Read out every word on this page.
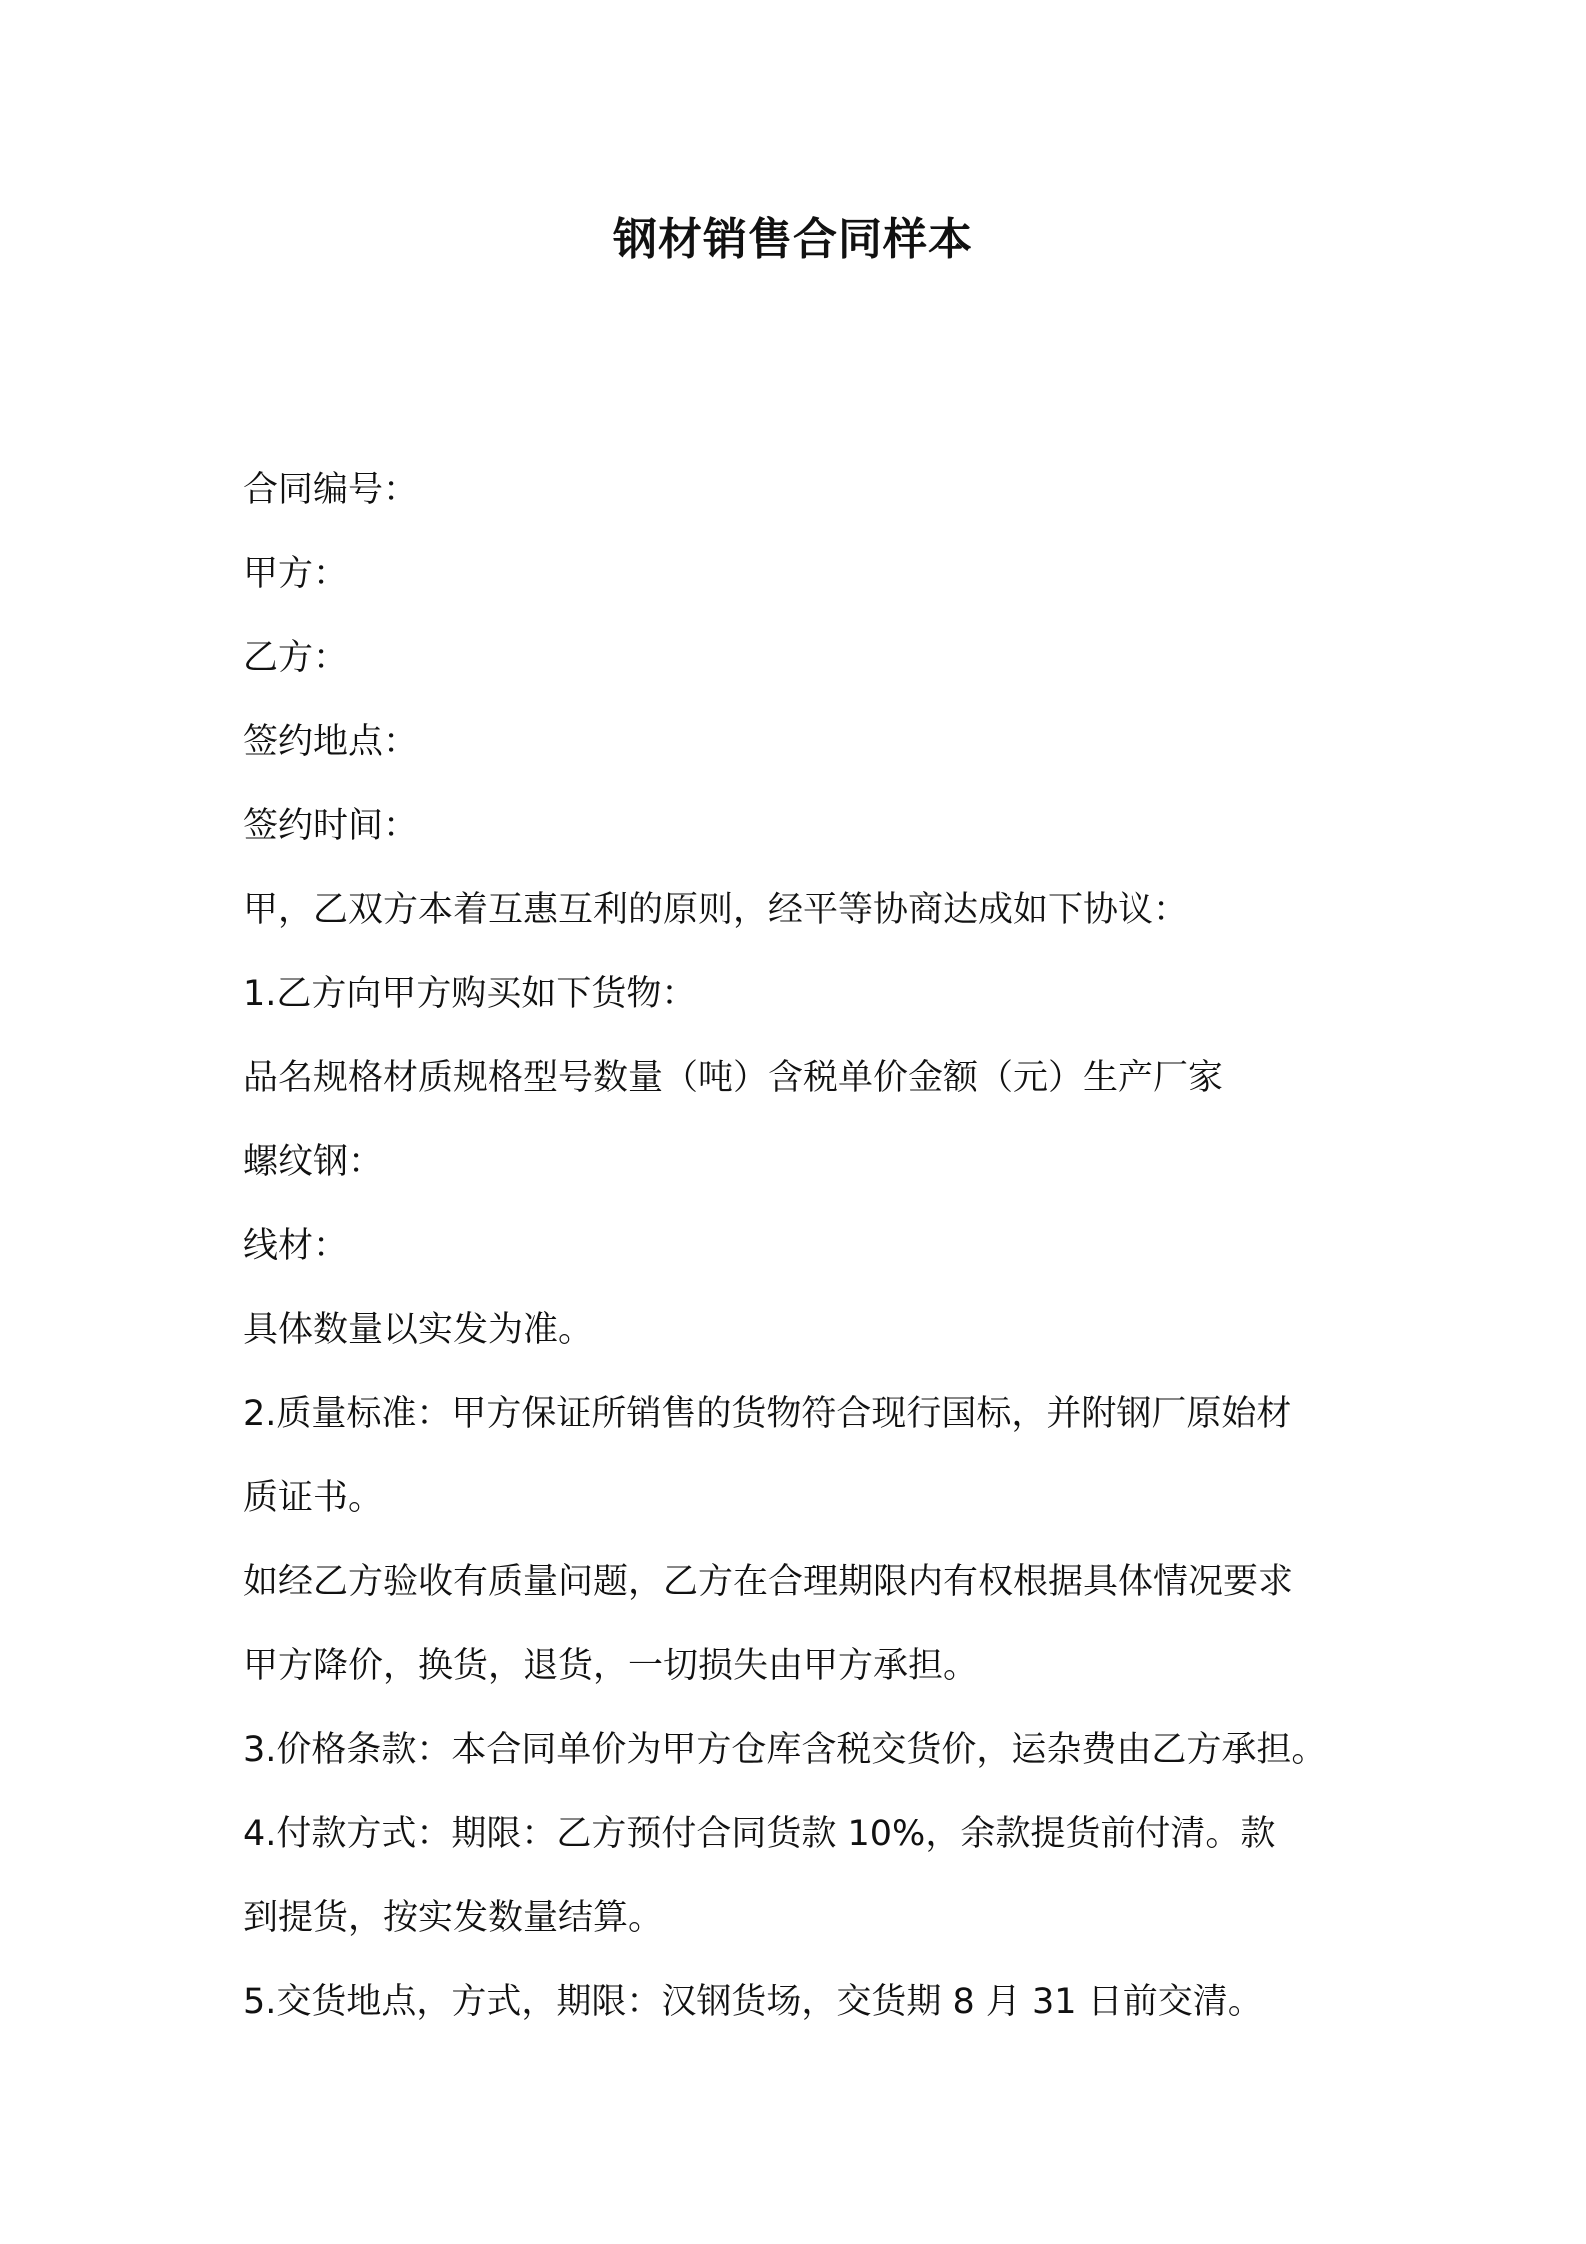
钢材销售合同样本

合同编号：

甲方：

乙方：

签约地点：

签约时间：

甲，乙双方本着互惠互利的原则，经平等协商达成如下协议：

1.乙方向甲方购买如下货物：

品名规格材质规格型号数量（吨）含税单价金额（元）生产厂家

螺纹钢：

线材：

具体数量以实发为准。

2.质量标准：甲方保证所销售的货物符合现行国标，并附钢厂原始材

质证书。

如经乙方验收有质量问题，乙方在合理期限内有权根据具体情况要求

甲方降价，换货，退货，一切损失由甲方承担。

3.价格条款：本合同单价为甲方仓库含税交货价，运杂费由乙方承担。

4.付款方式：期限：乙方预付合同货款 10%，余款提货前付清。款

到提货，按实发数量结算。

5.交货地点，方式，期限：汉钢货场，交货期 8 月 31 日前交清。
